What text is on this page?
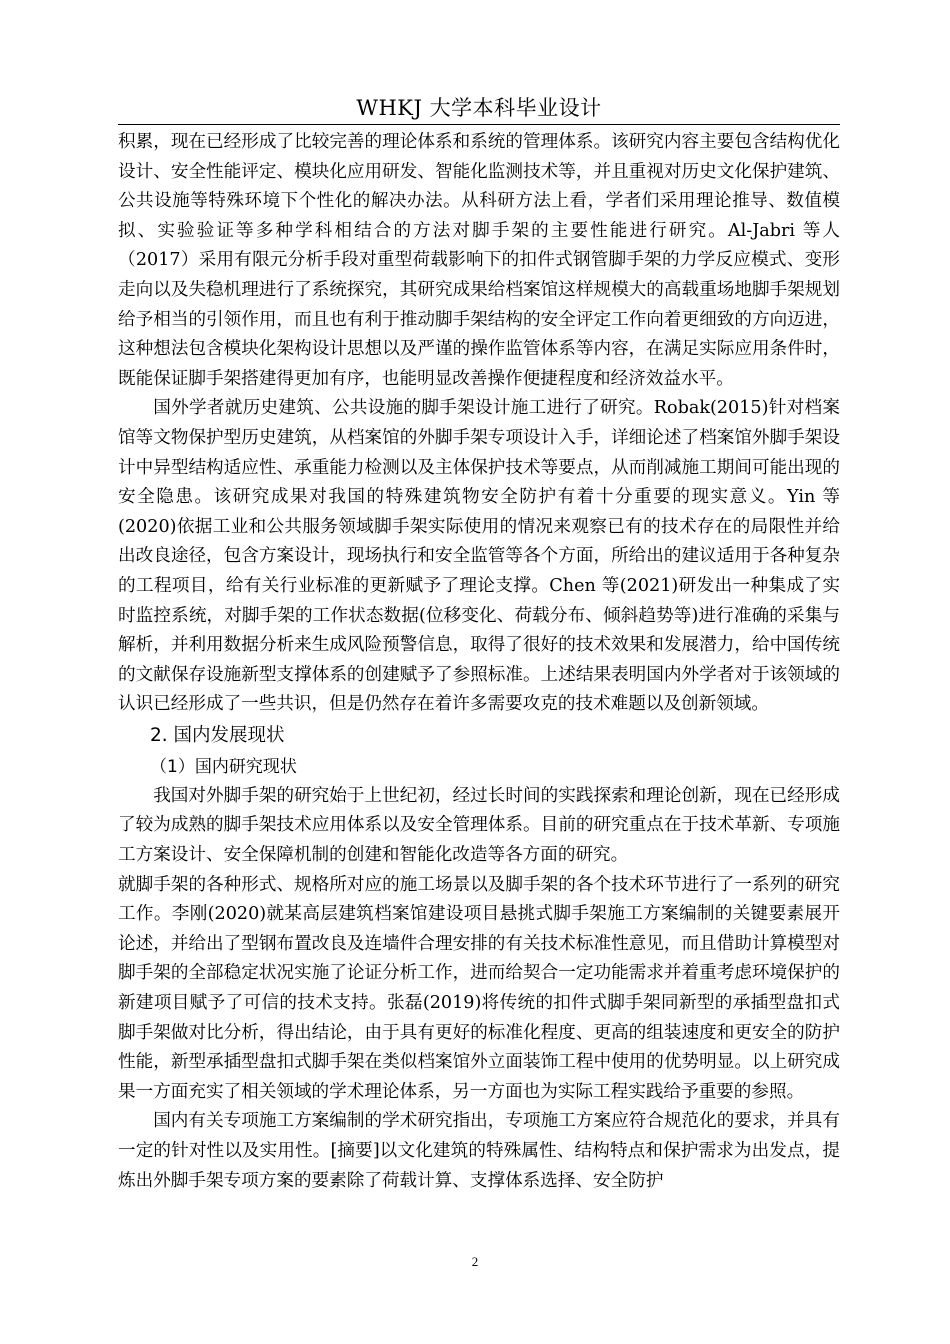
WHKJ 大学本科毕业设计

积累，现在已经形成了比较完善的理论体系和系统的管理体系。该研究内容主要包含结构优化设计、安全性能评定、模块化应用研发、智能化监测技术等，并且重视对历史文化保护建筑、公共设施等特殊环境下个性化的解决办法。从科研方法上看，学者们采用理论推导、数值模拟、实验验证等多种学科相结合的方法对脚手架的主要性能进行研究。Al-Jabri 等人（2017）采用有限元分析手段对重型荷载影响下的扣件式钢管脚手架的力学反应模式、变形走向以及失稳机理进行了系统探究，其研究成果给档案馆这样规模大的高载重场地脚手架规划给予相当的引领作用，而且也有利于推动脚手架结构的安全评定工作向着更细致的方向迈进，这种想法包含模块化架构设计思想以及严谨的操作监管体系等内容，在满足实际应用条件时，既能保证脚手架搭建得更加有序，也能明显改善操作便捷程度和经济效益水平。

国外学者就历史建筑、公共设施的脚手架设计施工进行了研究。Robak(2015)针对档案馆等文物保护型历史建筑，从档案馆的外脚手架专项设计入手，详细论述了档案馆外脚手架设计中异型结构适应性、承重能力检测以及主体保护技术等要点，从而削减施工期间可能出现的安全隐患。该研究成果对我国的特殊建筑物安全防护有着十分重要的现实意义。Yin 等(2020)依据工业和公共服务领域脚手架实际使用的情况来观察已有的技术存在的局限性并给出改良途径，包含方案设计，现场执行和安全监管等各个方面，所给出的建议适用于各种复杂的工程项目，给有关行业标准的更新赋予了理论支撑。Chen 等(2021)研发出一种集成了实时监控系统，对脚手架的工作状态数据(位移变化、荷载分布、倾斜趋势等)进行准确的采集与解析，并利用数据分析来生成风险预警信息，取得了很好的技术效果和发展潜力，给中国传统的文献保存设施新型支撑体系的创建赋予了参照标准。上述结果表明国内外学者对于该领域的认识已经形成了一些共识，但是仍然存在着许多需要攻克的技术难题以及创新领域。

2. 国内发展现状

（1）国内研究现状

我国对外脚手架的研究始于上世纪初，经过长时间的实践探索和理论创新，现在已经形成了较为成熟的脚手架技术应用体系以及安全管理体系。目前的研究重点在于技术革新、专项施工方案设计、安全保障机制的创建和智能化改造等各方面的研究。

就脚手架的各种形式、规格所对应的施工场景以及脚手架的各个技术环节进行了一系列的研究工作。李刚(2020)就某高层建筑档案馆建设项目悬挑式脚手架施工方案编制的关键要素展开论述，并给出了型钢布置改良及连墙件合理安排的有关技术标准性意见，而且借助计算模型对脚手架的全部稳定状况实施了论证分析工作，进而给契合一定功能需求并着重考虑环境保护的新建项目赋予了可信的技术支持。张磊(2019)将传统的扣件式脚手架同新型的承插型盘扣式脚手架做对比分析，得出结论，由于具有更好的标准化程度、更高的组装速度和更安全的防护性能，新型承插型盘扣式脚手架在类似档案馆外立面装饰工程中使用的优势明显。以上研究成果一方面充实了相关领域的学术理论体系，另一方面也为实际工程实践给予重要的参照。

国内有关专项施工方案编制的学术研究指出，专项施工方案应符合规范化的要求，并具有一定的针对性以及实用性。[摘要]以文化建筑的特殊属性、结构特点和保护需求为出发点，提炼出外脚手架专项方案的要素除了荷载计算、支撑体系选择、安全防护

2
